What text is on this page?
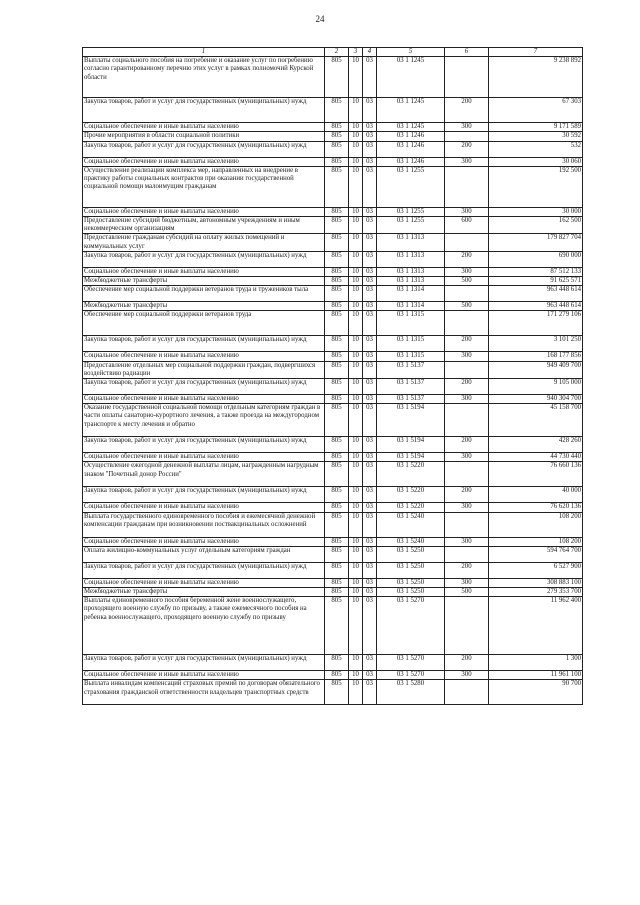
24
1	2	3	4	5	6	7
Выплаты социального пособия на погребение и оказание услуг по погребению согласно гарантированному перечню этих услуг в рамках полномочий Курской области	805	10	03	03 1 1245		9 238 892
Закупка товаров, работ и услуг для государственных (муниципальных) нужд	805	10	03	03 1 1245	200	67 303
Социальное обеспечение и иные выплаты населению	805	10	03	03 1 1245	300	9 171 589
Прочие мероприятия в области социальной политики	805	10	03	03 1 1246		30 592
Закупка товаров, работ и услуг для государственных (муниципальных) нужд	805	10	03	03 1 1246	200	532
Социальное обеспечение и иные выплаты населению	805	10	03	03 1 1246	300	30 060
Осуществление реализации комплекса мер, направленных на внедрение в практику работы социальных контрактов при оказании государственной социальной помощи малоимущим гражданам	805	10	03	03 1 1255		192 500
Социальное обеспечение и иные выплаты населению	805	10	03	03 1 1255	300	30 000
Предоставление субсидий бюджетным, автономным учреждениям и иным некоммерческим организациям	805	10	03	03 1 1255	600	162 500
Предоставление гражданам субсидий на оплату жилых помещений и коммунальных услуг	805	10	03	03 1 1313		179 827 704
Закупка товаров, работ и услуг для государственных (муниципальных) нужд	805	10	03	03 1 1313	200	690 000
Социальное обеспечение и иные выплаты населению	805	10	03	03 1 1313	300	87 512 133
Межбюджетные трансферты	805	10	03	03 1 1313	500	91 625 571
Обеспечение мер социальной поддержки ветеранов труда и тружеников тыла	805	10	03	03 1 1314		963 448 614
Межбюджетные трансферты	805	10	03	03 1 1314	500	963 448 614
Обеспечение мер социальной поддержки ветеранов труда	805	10	03	03 1 1315		171 279 106
Закупка товаров, работ и услуг для государственных (муниципальных) нужд	805	10	03	03 1 1315	200	3 101 250
Социальное обеспечение и иные выплаты населению	805	10	03	03 1 1315	300	168 177 856
Предоставление отдельных мер социальной поддержки граждан, подвергшихся воздействию радиации	805	10	03	03 1 5137		949 409 700
Закупка товаров, работ и услуг для государственных (муниципальных) нужд	805	10	03	03 1 5137	200	9 105 000
Социальное обеспечение и иные выплаты населению	805	10	03	03 1 5137	300	940 304 700
Оказание государственной социальной помощи отдельным категориям граждан в части оплаты санаторно-курортного лечения, а также проезда на междугородном транспорте к месту лечения и обратно	805	10	03	03 1 5194		45 158 700
Закупка товаров, работ и услуг для государственных (муниципальных) нужд	805	10	03	03 1 5194	200	428 260
Социальное обеспечение и иные выплаты населению	805	10	03	03 1 5194	300	44 730 440
Осуществление ежегодной денежной выплаты лицам, награжденным нагрудным знаком "Почетный донор России"	805	10	03	03 1 5220		76 660 136
Закупка товаров, работ и услуг для государственных (муниципальных) нужд	805	10	03	03 1 5220	200	40 000
Социальное обеспечение и иные выплаты населению	805	10	03	03 1 5220	300	76 620 136
Выплата государственного единовременного пособия и ежемесячной денежной компенсации гражданам при возникновении поствакцинальных осложнений	805	10	03	03 1 5240		108 200
Социальное обеспечение и иные выплаты населению	805	10	03	03 1 5240	300	108 200
Оплата жилищно-коммунальных услуг отдельным категориям граждан	805	10	03	03 1 5250		594 764 700
Закупка товаров, работ и услуг для государственных (муниципальных) нужд	805	10	03	03 1 5250	200	6 527 900
Социальное обеспечение и иные выплаты населению	805	10	03	03 1 5250	300	308 883 100
Межбюджетные трансферты	805	10	03	03 1 5250	500	279 353 700
Выплаты единовременного пособия беременной жене военнослужащего, проходящего военную службу по призыву, а также ежемесячного пособия на ребенка военнослужащего, проходящего военную службу по призыву	805	10	03	03 1 5270		11 962 400
Закупка товаров, работ и услуг для государственных (муниципальных) нужд	805	10	03	03 1 5270	200	1 300
Социальное обеспечение и иные выплаты населению	805	10	03	03 1 5270	300	11 961 100
Выплата инвалидам компенсаций страховых премий по договорам обязательного страхования гражданской ответственности владельцев транспортных средств	805	10	03	03 1 5280		90 700
